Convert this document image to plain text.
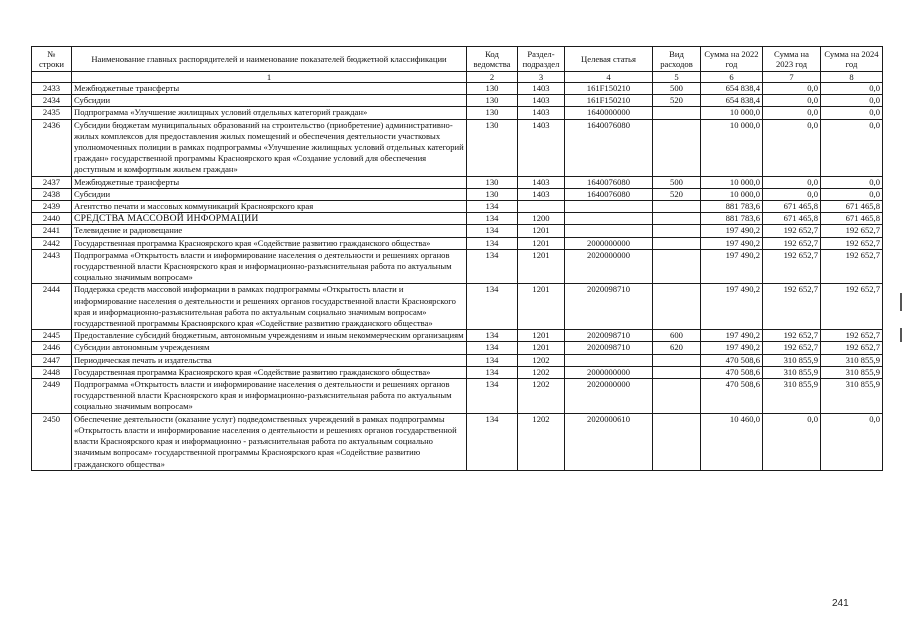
№ строки	Наименование главных распорядителей и наименование показателей бюджетной классификации	Код ведомства	Раздел-подраздел	Целевая статья	Вид расходов	Сумма на 2022 год	Сумма на 2023 год	Сумма на 2024 год
	1	2	3	4	5	6	7	8
2433	Межбюджетные трансферты	130	1403	161F150210	500	654 838,4	0,0	0,0
2434	Субсидии	130	1403	161F150210	520	654 838,4	0,0	0,0
2435	Подпрограмма «Улучшение жилищных условий отдельных категорий граждан»	130	1403	1640000000		10 000,0	0,0	0,0
2436	Субсидии бюджетам муниципальных образований на строительство (приобретение) административно-жилых комплексов для предоставления жилых помещений и обеспечения деятельности участковых уполномоченных полиции в рамках подпрограммы «Улучшение жилищных условий отдельных категорий граждан» государственной программы Красноярского края «Создание условий для обеспечения доступным и комфортным жильем граждан»	130	1403	1640076080		10 000,0	0,0	0,0
2437	Межбюджетные трансферты	130	1403	1640076080	500	10 000,0	0,0	0,0
2438	Субсидии	130	1403	1640076080	520	10 000,0	0,0	0,0
2439	Агентство печати и массовых коммуникаций Красноярского края	134				881 783,6	671 465,8	671 465,8
2440	СРЕДСТВА МАССОВОЙ ИНФОРМАЦИИ	134	1200			881 783,6	671 465,8	671 465,8
2441	Телевидение и радиовещание	134	1201			197 490,2	192 652,7	192 652,7
2442	Государственная программа Красноярского края «Содействие развитию гражданского общества»	134	1201	2000000000		197 490,2	192 652,7	192 652,7
2443	Подпрограмма «Открытость власти и информирование населения о деятельности и решениях органов государственной власти Красноярского края и информационно-разъяснительная работа по актуальным социально значимым вопросам»	134	1201	2020000000		197 490,2	192 652,7	192 652,7
2444	Поддержка средств массовой информации в рамках подпрограммы «Открытость власти и информирование населения о деятельности и решениях органов государственной власти Красноярского края и информационно-разъяснительная работа по актуальным социально значимым вопросам» государственной программы Красноярского края «Содействие развитию гражданского общества»	134	1201	2020098710		197 490,2	192 652,7	192 652,7
2445	Предоставление субсидий бюджетным, автономным учреждениям и иным некоммерческим организациям	134	1201	2020098710	600	197 490,2	192 652,7	192 652,7
2446	Субсидии автономным учреждениям	134	1201	2020098710	620	197 490,2	192 652,7	192 652,7
2447	Периодическая печать и издательства	134	1202			470 508,6	310 855,9	310 855,9
2448	Государственная программа Красноярского края «Содействие развитию гражданского общества»	134	1202	2000000000		470 508,6	310 855,9	310 855,9
2449	Подпрограмма «Открытость власти и информирование населения о деятельности и решениях органов государственной власти Красноярского края и информационно-разъяснительная работа по актуальным социально значимым вопросам»	134	1202	2020000000		470 508,6	310 855,9	310 855,9
2450	Обеспечение деятельности (оказание услуг) подведомственных учреждений в рамках подпрограммы «Открытость власти и информирование населения о деятельности и решениях органов государственной власти Красноярского края и информационно - разъяснительная работа по актуальным социально значимым вопросам» государственной программы Красноярского края «Содействие развитию гражданского общества»	134	1202	2020000610		10 460,0	0,0	0,0
241
